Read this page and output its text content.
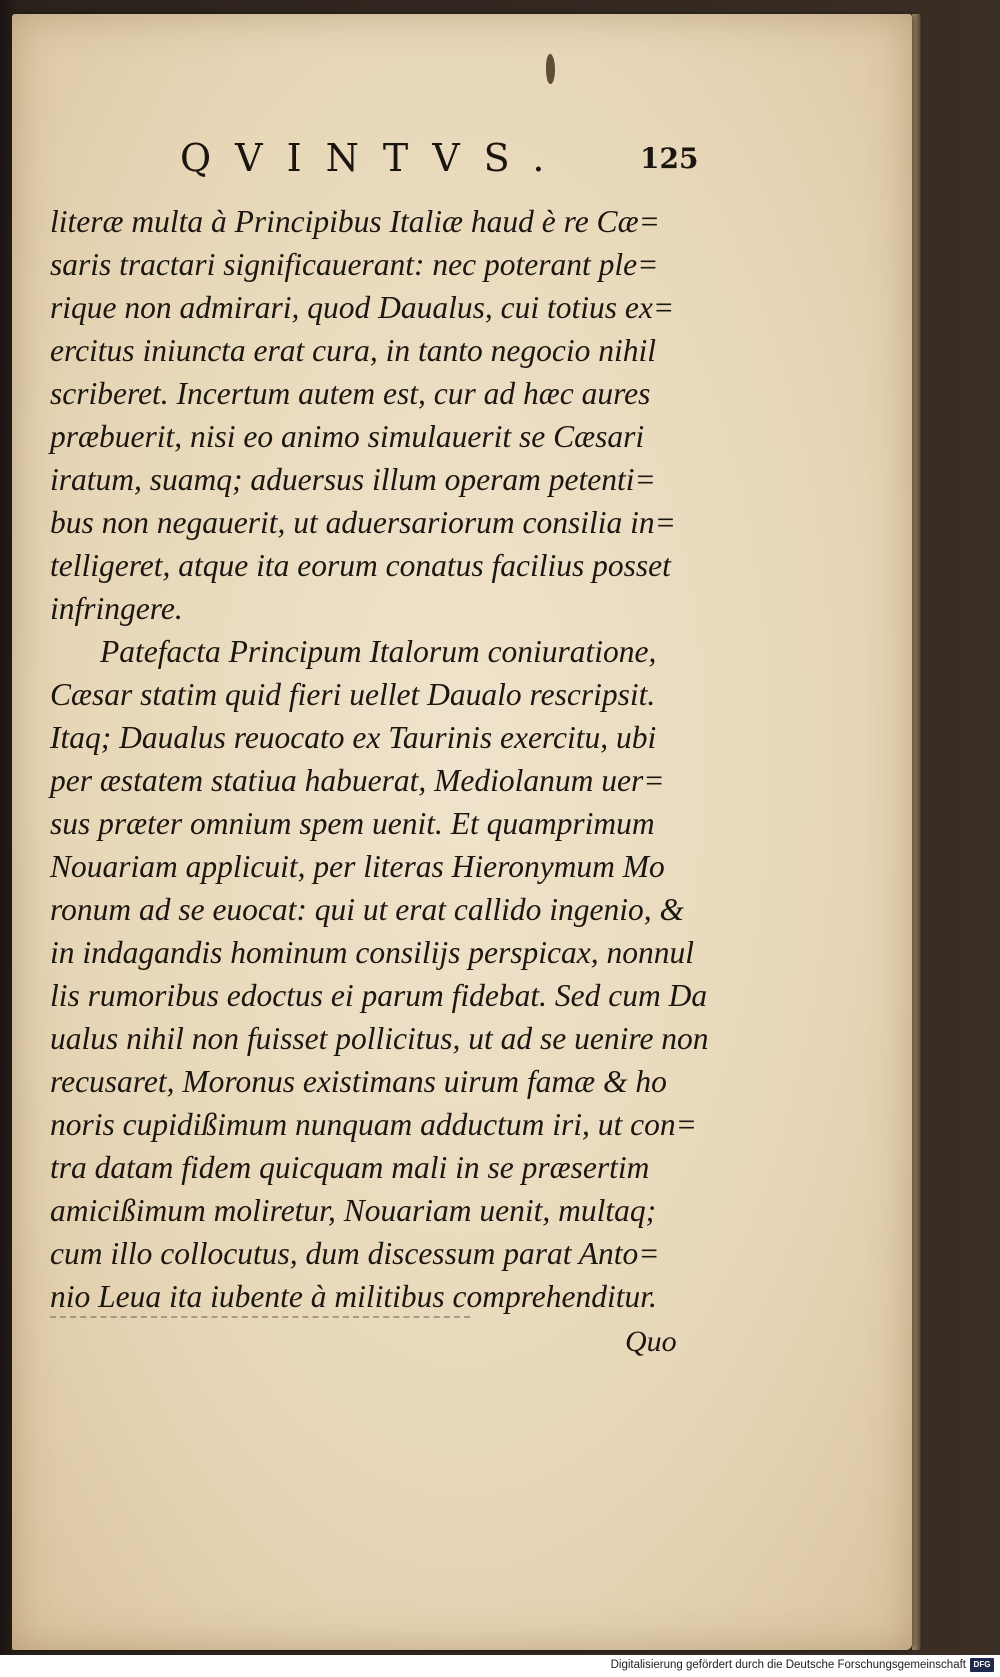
QVINTVS.	125
literæ multa à Principibus Italiæ haud è re Cæ=
saris tractari significauerant: nec poterant ple=
rique non admirari, quod Daualus, cui totius ex=
ercitus iniuncta erat cura, in tanto negocio nihil
scriberet. Incertum autem est, cur ad hæc aures
præbuerit, nisi eo animo simulauerit se Cæsari
iratum, suamq; aduersus illum operam petenti=
bus non negauerit, ut aduersariorum consilia in=
telligeret, atque ita eorum conatus facilius posset
infringere.
Patefacta Principum Italorum coniuratione,
Cæsar statim quid fieri uellet Daualo rescripsit.
Itaq; Daualus reuocato ex Taurinis exercitu, ubi
per æstatem statiua habuerat, Mediolanum uer=
sus præter omnium spem uenit. Et quamprimum
Nouariam applicuit, per literas Hieronymum Mo
ronum ad se euocat: qui ut erat callido ingenio, &
in indagandis hominum consilijs perspicax, nonnul
lis rumoribus edoctus ei parum fidebat. Sed cum Da
ualus nihil non fuisset pollicitus, ut ad se uenire non
recusaret, Moronus existimans uirum famæ & ho
noris cupidißimum nunquam adductum iri, ut con=
tra datam fidem quicquam mali in se præsertim
amicißimum moliretur, Nouariam uenit, multaq;
cum illo collocutus, dum discessum parat Anto=
nio Leua ita iubente à militibus comprehenditur.
Quo
Digitalisierung gefördert durch die Deutsche Forschungsgemeinschaft DFG
